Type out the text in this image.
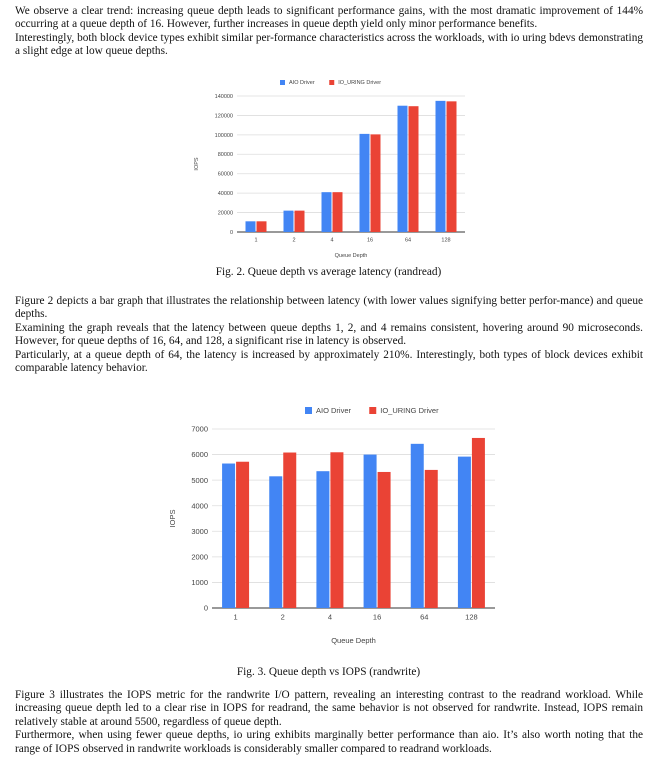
We observe a clear trend: increasing queue depth leads to significant performance gains, with the most dramatic improvement of 144% occurring at a queue depth of 16. However, further increases in queue depth yield only minor performance benefits.

Interestingly, both block device types exhibit similar per-formance characteristics across the workloads, with io uring bdevs demonstrating a slight edge at low queue depths.

AIO Driver	IO_URING Driver
0
20000
40000
60000
80000
100000
120000
140000
1	2	4	16	64	128
Queue Depth
IOPS
Fig. 2. Queue depth vs average latency (randread)

Figure 2 depicts a bar graph that illustrates the relationship between latency (with lower values signifying better perfor-mance) and queue depths.

Examining the graph reveals that the latency between queue depths 1, 2, and 4 remains consistent, hovering around 90 microseconds. However, for queue depths of 16, 64, and 128, a significant rise in latency is observed.

Particularly, at a queue depth of 64, the latency is increased by approximately 210%. Interestingly, both types of block devices exhibit comparable latency behavior.

AIO Driver	IO_URING Driver
0
1000
2000
3000
4000
5000
6000
7000
1	2	4	16	64	128
Queue Depth
IOPS
Fig. 3. Queue depth vs IOPS (randwrite)

Figure 3 illustrates the IOPS metric for the randwrite I/O pattern, revealing an interesting contrast to the readrand workload. While increasing queue depth led to a clear rise in IOPS for readrand, the same behavior is not observed for randwrite. Instead, IOPS remain relatively stable at around 5500, regardless of queue depth.

Furthermore, when using fewer queue depths, io uring exhibits marginally better performance than aio. It’s also worth noting that the range of IOPS observed in randwrite workloads is considerably smaller compared to readrand workloads.
